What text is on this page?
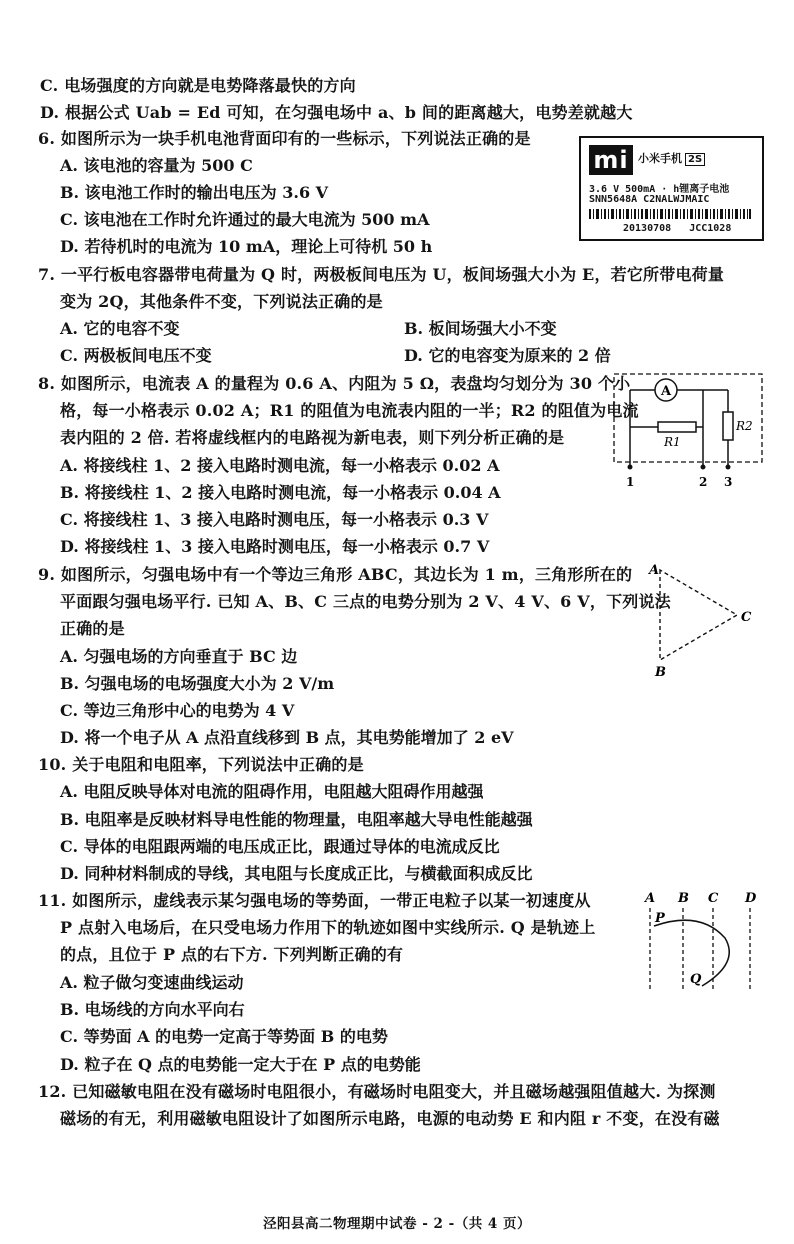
C. 电场强度的方向就是电势降落最快的方向
D. 根据公式 Uab = Ed 可知，在匀强电场中 a、b 间的距离越大，电势差就越大
6. 如图所示为一块手机电池背面印有的一些标示，下列说法正确的是
A. 该电池的容量为 500 C
B. 该电池工作时的输出电压为 3.6 V
C. 该电池在工作时允许通过的最大电流为 500 mA
D. 若待机时的电流为 10 mA，理论上可待机 50 h
mi 小米手机 2S
3.6 V 500mA · h锂离子电池
SNN5648A C2NALWJMAIC
20130708 JCC1028
7. 一平行板电容器带电荷量为 Q 时，两极板间电压为 U，板间场强大小为 E，若它所带电荷量
变为 2Q，其他条件不变，下列说法正确的是
A. 它的电容不变	B. 板间场强大小不变
C. 两极板间电压不变	D. 它的电容变为原来的 2 倍
8. 如图所示，电流表 A 的量程为 0.6 A、内阻为 5 Ω，表盘均匀划分为 30 个小
格，每一小格表示 0.02 A；R1 的阻值为电流表内阻的一半；R2 的阻值为电流
表内阻的 2 倍. 若将虚线框内的电路视为新电表，则下列分析正确的是
A. 将接线柱 1、2 接入电路时测电流，每一小格表示 0.02 A
B. 将接线柱 1、2 接入电路时测电流，每一小格表示 0.04 A
C. 将接线柱 1、3 接入电路时测电压，每一小格表示 0.3 V
D. 将接线柱 1、3 接入电路时测电压，每一小格表示 0.7 V
A
R1
R2
1	2 3
9. 如图所示，匀强电场中有一个等边三角形 ABC，其边长为 1 m，三角形所在的
平面跟匀强电场平行. 已知 A、B、C 三点的电势分别为 2 V、4 V、6 V，下列说法
正确的是
A. 匀强电场的方向垂直于 BC 边
B. 匀强电场的电场强度大小为 2 V/m
C. 等边三角形中心的电势为 4 V
D. 将一个电子从 A 点沿直线移到 B 点，其电势能增加了 2 eV
A
B
C
10. 关于电阻和电阻率，下列说法中正确的是
A. 电阻反映导体对电流的阻碍作用，电阻越大阻碍作用越强
B. 电阻率是反映材料导电性能的物理量，电阻率越大导电性能越强
C. 导体的电阻跟两端的电压成正比，跟通过导体的电流成反比
D. 同种材料制成的导线，其电阻与长度成正比，与横截面积成反比
11. 如图所示，虚线表示某匀强电场的等势面，一带正电粒子以某一初速度从
P 点射入电场后，在只受电场力作用下的轨迹如图中实线所示. Q 是轨迹上
的点，且位于 P 点的右下方. 下列判断正确的有
A. 粒子做匀变速曲线运动
B. 电场线的方向水平向右
C. 等势面 A 的电势一定高于等势面 B 的电势
D. 粒子在 Q 点的电势能一定大于在 P 点的电势能
A B C D
P
Q
12. 已知磁敏电阻在没有磁场时电阻很小，有磁场时电阻变大，并且磁场越强阻值越大. 为探测
磁场的有无，利用磁敏电阻设计了如图所示电路，电源的电动势 E 和内阻 r 不变，在没有磁
泾阳县高二物理期中试卷 - 2 -（共 4 页）
